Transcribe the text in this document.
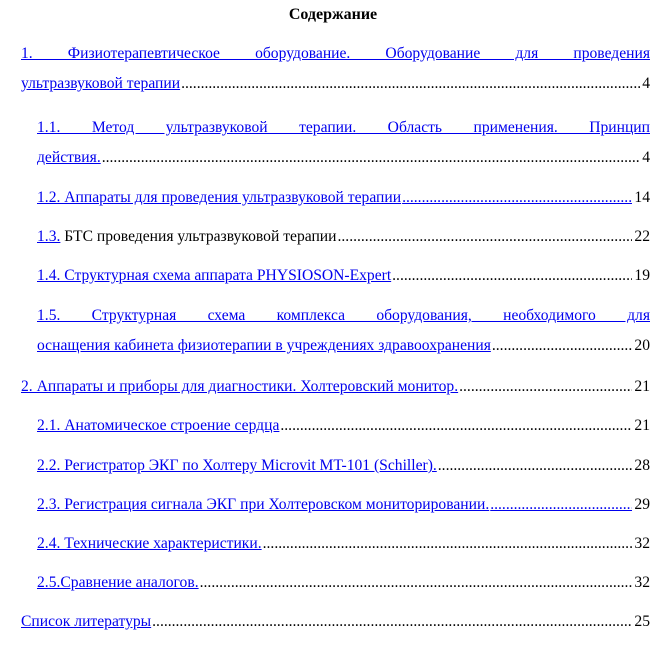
Содержание
1. Физиотерапевтическое оборудование. Оборудование для проведения
ультразвуковой терапии .....	4
1.1. Метод ультразвуковой терапии. Область применения. Принцип
действия. .....	4
1.2. Аппараты для проведения ультразвуковой терапии .....	14
1.3. БТС проведения ультразвуковой терапии .....	22
1.4. Структурная схема аппарата PHYSIOSON-Expert .....	19
1.5. Структурная схема комплекса оборудования, необходимого для
оснащения кабинета физиотерапии в учреждениях здравоохранения .....	20
2. Аппараты и приборы для диагностики. Холтеровский монитор. .....	21
2.1. Анатомическое строение сердца .....	21
2.2. Регистратор ЭКГ по Холтеру Microvit MT-101 (Schiller). .....	28
2.3. Регистрация сигнала ЭКГ при Холтеровском мониторировании. .....	29
2.4. Технические характеристики. .....	32
2.5.Сравнение аналогов. .....	32
Список литературы .....	25
